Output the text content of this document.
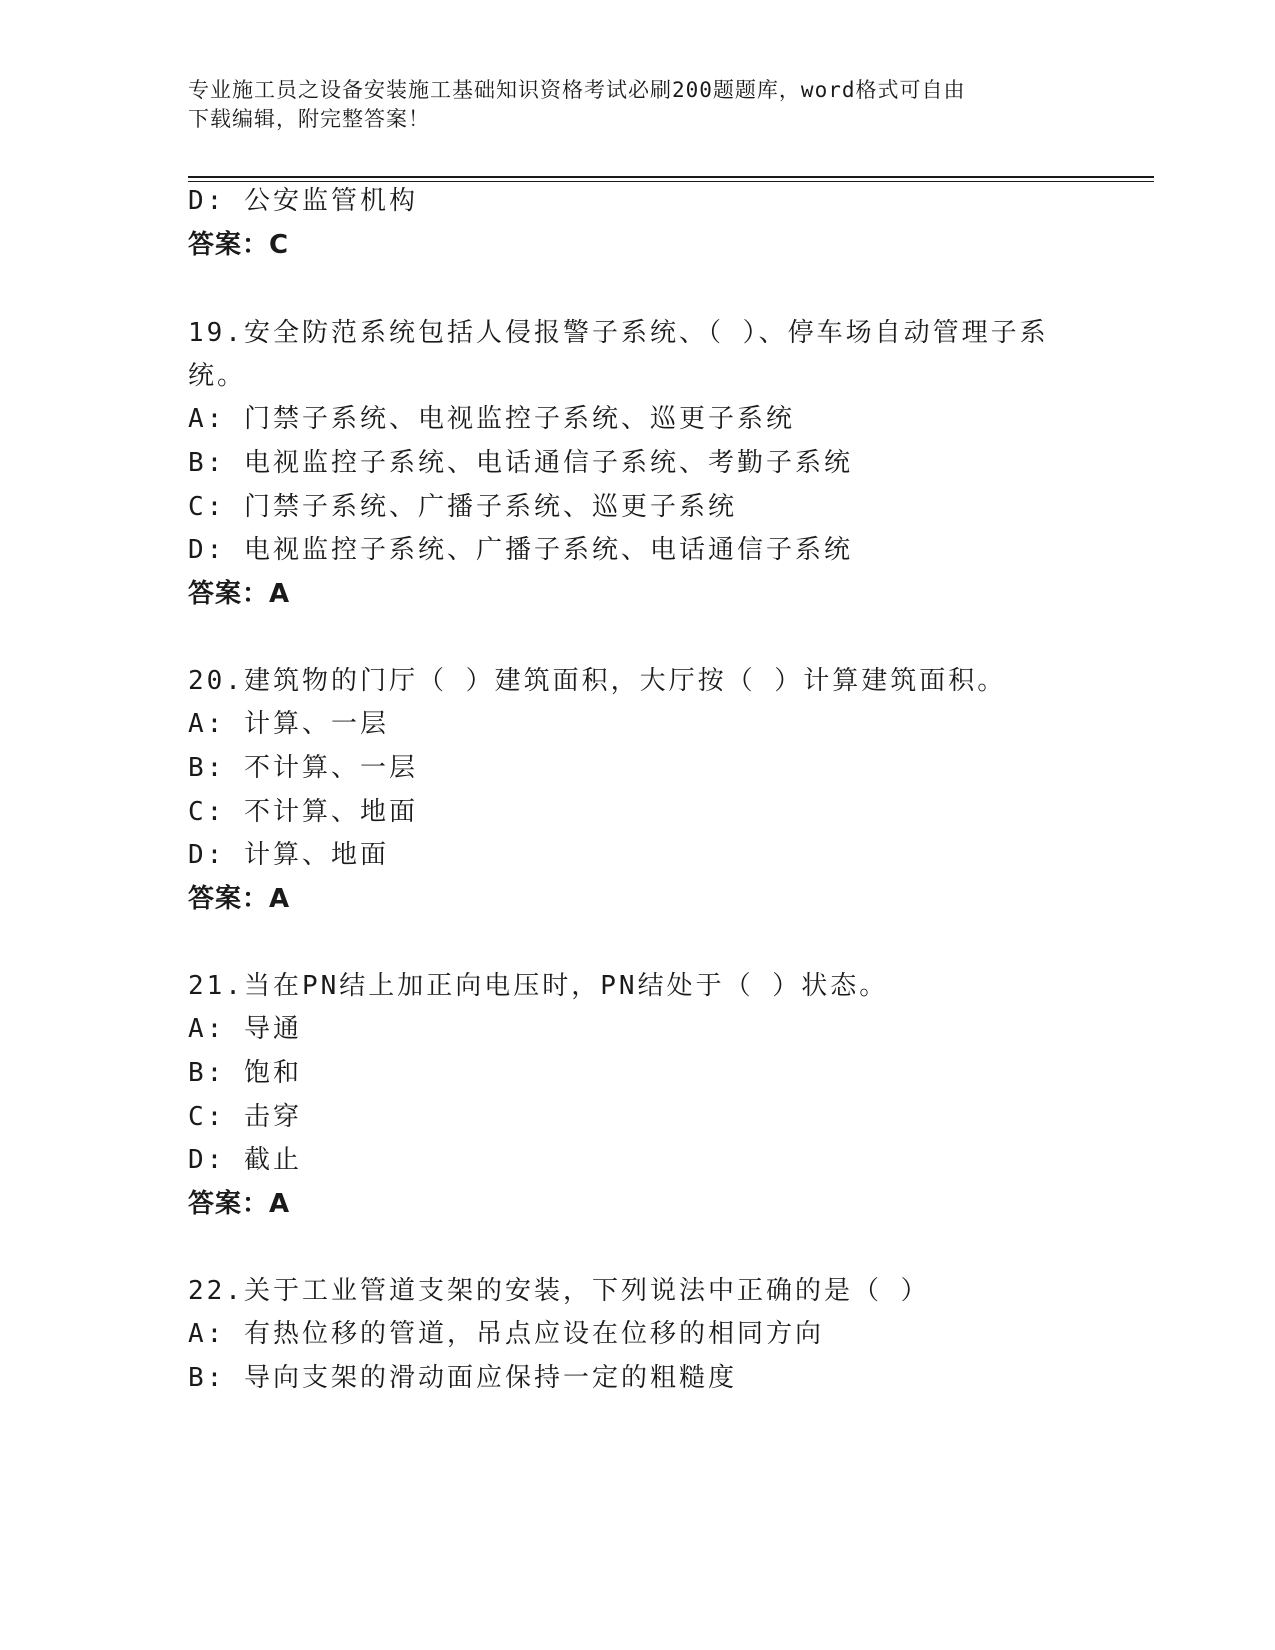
专业施工员之设备安装施工基础知识资格考试必刷200题题库，word格式可自由
下载编辑，附完整答案！
D: 公安监管机构
答案：C
19.安全防范系统包括人侵报警子系统、（ ）、停车场自动管理子系
统。
A: 门禁子系统、电视监控子系统、巡更子系统
B: 电视监控子系统、电话通信子系统、考勤子系统
C: 门禁子系统、广播子系统、巡更子系统
D: 电视监控子系统、广播子系统、电话通信子系统
答案：A
20.建筑物的门厅（ ）建筑面积，大厅按（ ）计算建筑面积。
A: 计算、一层
B: 不计算、一层
C: 不计算、地面
D: 计算、地面
答案：A
21.当在PN结上加正向电压时，PN结处于（ ）状态。
A: 导通
B: 饱和
C: 击穿
D: 截止
答案：A
22.关于工业管道支架的安装，下列说法中正确的是（ ）
A: 有热位移的管道，吊点应设在位移的相同方向
B: 导向支架的滑动面应保持一定的粗糙度
